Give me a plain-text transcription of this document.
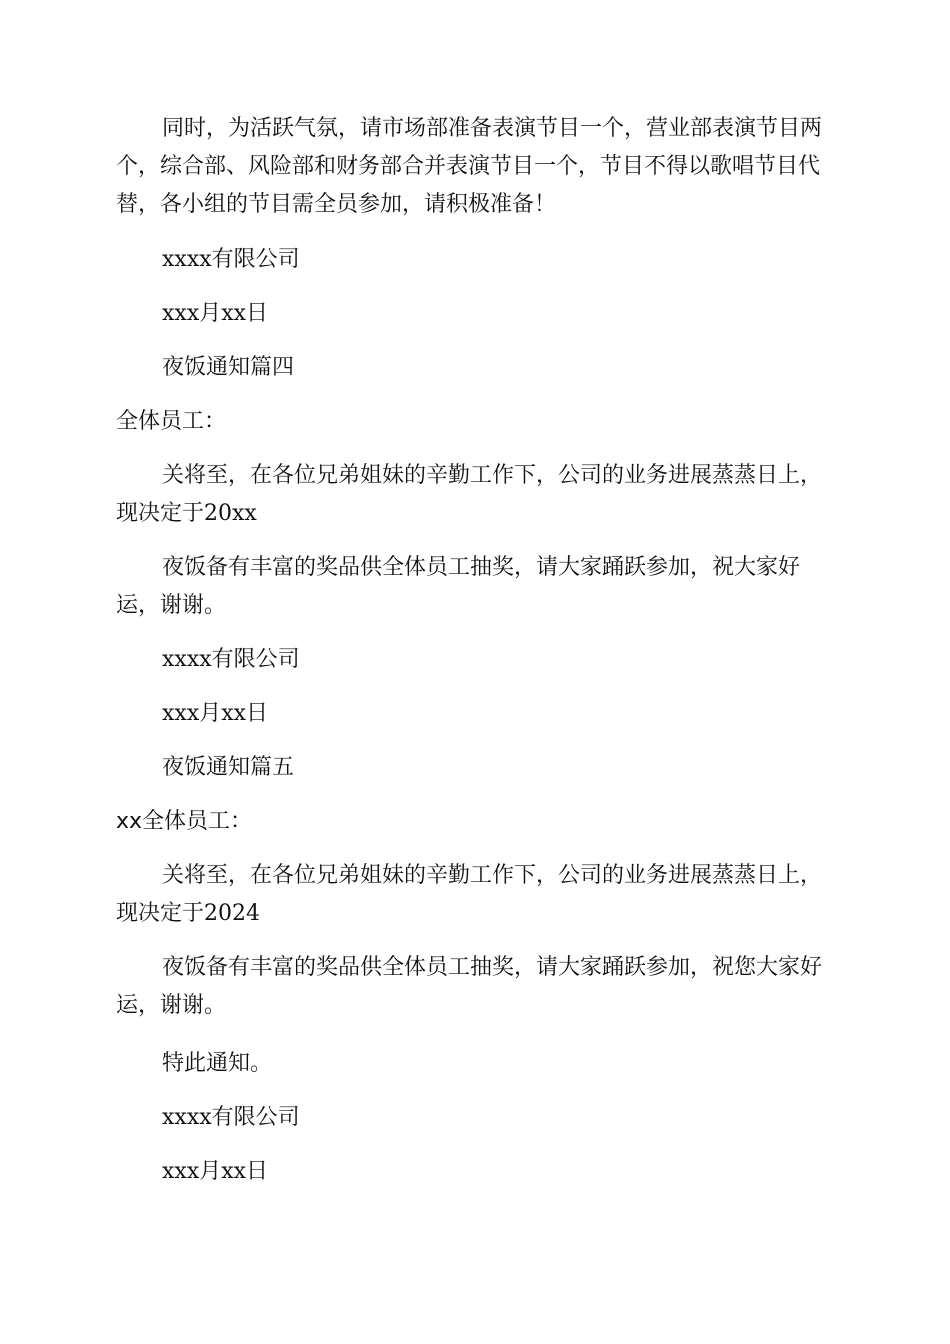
同时，为活跃气氛，请市场部准备表演节目一个，营业部表演节目两个，综合部、风险部和财务部合并表演节目一个，节目不得以歌唱节目代替，各小组的节目需全员参加，请积极准备！

xxxx有限公司

xxx月xx日

夜饭通知篇四

全体员工：

关将至，在各位兄弟姐妹的辛勤工作下，公司的业务进展蒸蒸日上，现决定于20xx

夜饭备有丰富的奖品供全体员工抽奖，请大家踊跃参加，祝大家好运，谢谢。

xxxx有限公司

xxx月xx日

夜饭通知篇五

xx全体员工：

关将至，在各位兄弟姐妹的辛勤工作下，公司的业务进展蒸蒸日上，现决定于2024

夜饭备有丰富的奖品供全体员工抽奖，请大家踊跃参加，祝您大家好运，谢谢。

特此通知。

xxxx有限公司

xxx月xx日
